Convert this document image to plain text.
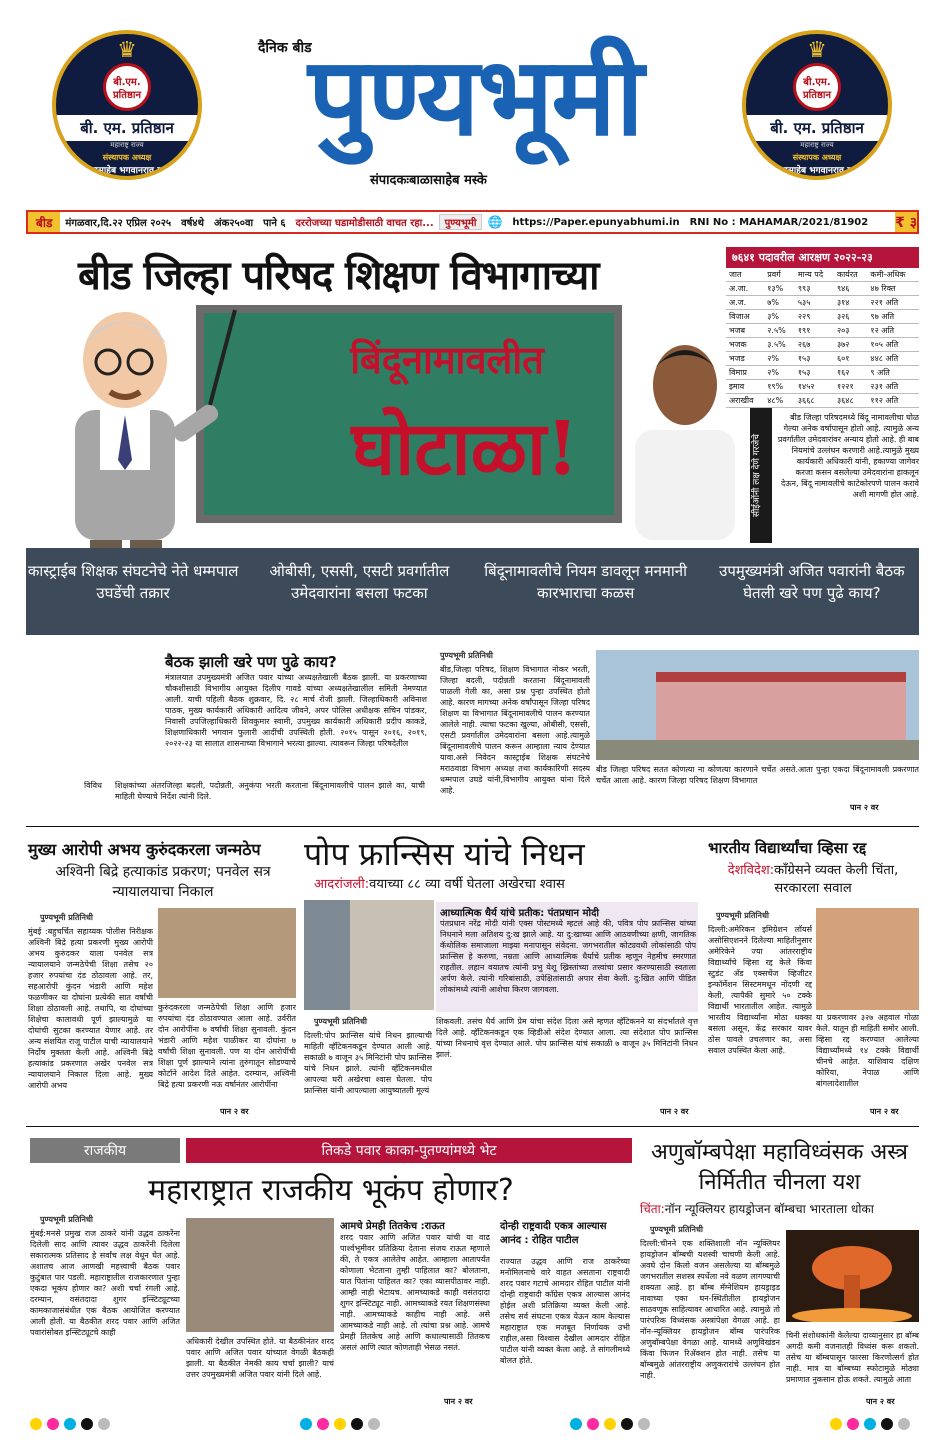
♛
बी.एम. प्रतिष्ठान
बी. एम. प्रतिष्ठान
महाराष्ट्र राज्य
संस्थापक अध्यक्ष
बाळासाहेब भगवानराव मस्के
♛
बी.एम. प्रतिष्ठान
बी. एम. प्रतिष्ठान
महाराष्ट्र राज्य
संस्थापक अध्यक्ष
बाळासाहेब भगवानराव मस्के
पुण्यभूमी
दैनिक बीड
संपादकःबाळासाहेब मस्के
बीड	मंगळवार,दि.२२ एप्रिल २०२५	वर्ष४थे	अंक२५०वा	पाने ६	दररोजच्या घडामोडीसाठी वाचत रहा...	पुण्यभूमी 🌐	https://Paper.epunyabhumi.in	RNI No : MAHAMAR/2021/81902	₹ ३
बीड जिल्हा परिषद शिक्षण विभागाच्या
बिंदूनामावलीत
घोटाळा!
७६४१ पदावरील आरक्षण २०२२-२३
जात	प्रवर्ग	मान्य पदे	कार्यरत	कमी-अधिक
अ.जा.	१३%	९९३	९४६	४७ रिक्त
अ.ज.	७%	५३५	३१४	२२१ अति
विजाअ	३%	२२९	३२६	९७ अति
भजब	२.५%	१९१	२०३	१२ अति
भजक	३.५%	२६७	३७२	१०५ अति
भजड	२%	१५३	६०१	४४८ अति
विमाप्र	२%	१५३	१६२	९ अति
इमाव	१९%	१४५२	१२२१	२३१ अति
अराखीव	४८%	३६६८	३६४८	११२ अति
सीईओंनी लक्ष देणे गरजेचे
बीड जिल्हा परिषदमध्ये बिंदू नामावलीचा घोळ गेल्या अनेक वर्षापासून होतो आहे. त्यामुळे अन्य प्रवर्गातील उमेदवारांवर अन्याय होतो आहे. ही बाब नियमांचे उल्लंघन करणारी आहे.त्यामुळे मुख्य कार्यकारी अधिकारी यांनी, हकाण्या जागेवर करजा कसन बसलेल्या उमेदवारांना हाकलून देऊन, बिंदू नामावलीचे काटेकोरपणे पालन करावे अशी मागणी होत आहे.
कास्ट्राईब शिक्षक संघटनेचे नेते धम्मपाल उघडेंची तक्रार
ओबीसी, एससी, एसटी प्रवर्गातील उमेदवारांना बसला फटका
बिंदूनामावलीचे नियम डावलून मनमानी कारभाराचा कळस
उपमुख्यमंत्री अजित पवारांनी बैठक घेतली खरे पण पुढे काय?
बैठक झाली खरे पण पुढे काय?
मंत्रालयात उपमुख्यमंत्री अजित पवार यांच्या अध्यक्षतेखाली बैठक झाली. या प्रकरणाच्या चौकशीसाठी विभागीय आयुक्त दिलीप गावडे यांच्या अध्यक्षतेखालील समिती नेमण्यात आली. याची पहिली बैठक शुक्रवार, दि. २८ मार्च रोजी झाली. जिल्हाधिकारी अविनाश पाठक, मुख्य कार्यकारी अधिकारी आदित्य जीवने, अपर पोलिस अधीक्षक सचिन पांडकर, निवासी उपजिल्हाधिकारी शिवकुमार स्वामी, उपमुख्य कार्यकारी अधिकारी प्रदीप काकडे, शिक्षणाधिकारी भगवान फुलारी आदींची उपस्थिती होती. २०१५ पासून २०१६, २०१९, २०२२-२३ या सालात शासनाच्या विभागाने भरत्या झाल्या. त्यावरून जिल्हा परिषदेतील
विविध शिक्षकांच्या अंतरजिल्हा बदली, पदोन्नती, अनुकंपा भरती करताना बिंदूनामावलीचे पालन झाले का, याची माहिती घेण्याचे निर्देश त्यांनी दिले.
पुण्यभूमी प्रतिनिधी
बीड,जिल्हा परिषद, शिक्षण विभागात नोकर भरती, जिल्हा बदली, पदोन्नती करताना बिंदूनामावली पाळली गेली का, असा प्रश्न पुन्हा उपस्थित होतो आहे. कारण मागच्या अनेक वर्षांपासून जिल्हा परिषद शिक्षण या विभागात बिंदूनामावलीचे पालन करण्यात आलेले नाही. त्याचा फटका खुल्या, ओबीसी, एससी, एसटी प्रवर्गातील उमेदवारांना बसला आहे.त्यामुळे बिंदूनामावलीचे पालन करून आम्हाला न्याय देण्यात यावा.असे निवेदन कास्ट्राईब शिक्षक संघटनेचे मराठवाडा विभाग अध्यक्ष तथा कार्यकारिणी सदस्य धम्मपाल उघडे यांनी,विभागीय आयुक्त यांना दिले आहे.
बीड जिल्हा परिषद सतत कोणत्या ना कोणत्या कारणाने चर्चेत असते.आता पुन्हा एकदा बिंदूनामावली प्रकरणात चर्चेत आला आहे. कारण जिल्हा परिषद शिक्षण विभागात
पान २ वर
मुख्य आरोपी अभय कुरुंदकरला जन्मठेप
अश्विनी बिद्रे हत्याकांड प्रकरण; पनवेल सत्र न्यायालयाचा निकाल
पुण्यभूमी प्रतिनिधी
मुंबई :बहुचर्चित सहाय्यक पोलीस निरीक्षक अश्विनी बिद्रे हत्या प्रकरणी मुख्य आरोपी अभय कुरुंदकर याला पनवेल सत्र न्यायालयाने जन्मठेपेची शिक्षा तसेच २० हजार रुपयांचा दंड ठोठावला आहे. तर, सहआरोपी कुंदन भंडारी आणि महेश फळणीकर या दोघांना प्रत्येकी सात वर्षांची शिक्षा ठोठावली आहे. तथापि, या दोघांच्या शिक्षेचा कालावधी पूर्ण झाल्यामुळे या दोघांची सुटका करण्यात येणार आहे. तर अन्य संशयित राजू पाटील याची न्यायालयाने निर्दोष मुक्तता केली आहे. अश्विनी बिद्रे हत्याकांड प्रकरणात अखेर पनवेल सत्र न्यायालयाने निकाल दिला आहे. मुख्य आरोपी अभय
कुरुंदकरला जन्मठेपेची शिक्षा आणि हजार रुपयांचा दंड ठोठावण्यात आला आहे. उर्वरीत दोन आरोपींना ७ वर्षांची शिक्षा सुनावली. कुंदन भंडारी आणि महेश पाळीकर या दोघांना ७ वर्षांची शिक्षा सुनावली. पण या दोन आरोपींची शिक्षा पूर्ण झाल्याने त्यांना तुरुंगातून सोडण्याचे कोर्टाने आदेश दिले आहेत. दरम्यान, अश्विनी बिद्रे हत्या प्रकरणी नऊ वर्षानंतर आरोपींना
पान २ वर
पोप फ्रान्सिस यांचे निधन
आदरांजली:वयाच्या ८८ व्या वर्षी घेतला अखेरचा श्वास
पुण्यभूमी प्रतिनिधी
दिल्ली:पोप फ्रान्सिस यांचे निधन झाल्याची माहिती व्हॅटिकनकडून देण्यात आली आहे. सकाळी ७ वाजून ३५ मिनिटांनी पोप फ्रान्सिस यांचे निधन झाले. त्यांनी व्हॅटिकनमधील आपल्या घरी अखेरचा श्वास घेतला. पोप फ्रान्सिस यांनी आपल्याला आयुष्यातली मूल्यं
आध्यात्मिक धैर्य यांचे प्रतीक: पंतप्रधान मोदी
पंतप्रधान नरेंद्र मोदी यांनी एक्स पोस्टमध्ये म्हटलं आहे की, पवित्र पोप फ्रान्सिस यांच्या निधनाने मला अतिशय दु:ख झाले आहे. या दु:खाच्या आणि आठवणीच्या क्षणी, जागतिक कॅथोलिक समाजाला माझ्या मनापासून संवेदना. जगभरातील कोट्यवधी लोकांसाठी पोप फ्रान्सिस हे करुणा, नम्रता आणि आध्यात्मिक धैर्याचे प्रतीक म्हणून नेहमीच स्मरणात राहतील. लहान वयातच त्यांनी प्रभु येशू ख्रिस्तांच्या तत्त्वांचा प्रसार करण्यासाठी स्वतःला अर्पण केले. त्यांनी गरिबांसाठी, उपेक्षितांसाठी अपार सेवा केली. दु:खित आणि पीडित लोकांमध्ये त्यांनी आशेचा किरण जागवला.
शिकवली. तसंच धैर्य आणि प्रेम यांचा संदेश दिला असे म्हणत व्हॅटिकनने या संदर्भातले वृत्त दिले आहे. व्हॅटिकनकडून एक व्हिडीओ संदेश देण्यात आला. त्या संदेशात पोप फ्रान्सिस यांच्या निधनाचे वृत्त देण्यात आले. पोप फ्रान्सिस यांचं सकाळी ७ वाजून ३५ मिनिटांनी निधन झालं.
पान २ वर
भारतीय विद्यार्थ्यांचा व्हिसा रद्द
देशविदेश:काँग्रेसने व्यक्त केली चिंता, सरकारला सवाल
पुण्यभूमी प्रतिनिधी
दिल्ली:अमेरिकन इमिग्रेशन लॉयर्स असोसिएशनने दिलेल्या माहितीनुसार अमेरिकेने ज्या आंतरराष्ट्रीय विद्यार्थ्यांचे व्हिसा रद्द केले किंवा स्टुडंट अँड एक्सचेंज व्हिजीटर इन्फॉर्मेशन सिस्टममधून नोंदणी रद्द केली, त्यापैकी सुमारे ५० टक्के विद्यार्थी भारतातील आहेत. त्यामुळे भारतीय विद्यार्थ्यांना मोठा धक्का बसला असून, केंद्र सरकार यावर ठोस पावले उचलणार का, असा सवाल उपस्थित केला आहे.
या प्रकरणावर ३२७ अहवाल गोळा केले. यातून ही माहिती समोर आली. व्हिसा रद्द करण्यात आलेल्या विद्यार्थ्यांमध्ये १४ टक्के विद्यार्थी चीनचे आहेत. याशिवाय दक्षिण कोरिया, नेपाळ आणि बांगलादेशातील
पान २ वर
राजकीय	तिकडे पवार काका-पुतण्यांमध्ये भेट
महाराष्ट्रात राजकीय भूकंप होणार?
पुण्यभूमी प्रतिनिधी
मुंबई:मनसे प्रमुख राज ठाकरे यांनी उद्धव ठाकरेंना दिलेली साद आणि त्यावर उद्धव ठाकरेंनी दिलेला सकारात्मक प्रतिसाद हे सर्वांच लक्ष वेधून घेत आहे. अशातच आज आणखी महत्त्वाची बैठक पवार कुटुंबात पार पडली. महाराष्ट्रातील राजकारणात पुन्हा एकदा भूकंप होणार का? अशी चर्चा रंगली आहे. दरम्यान, वसंतदादा शुगर इन्स्टिट्यूटच्या कामकाजासंबंधीत एक बैठक आयोजित करण्यात आली होती. या बैठकीत शरद पवार आणि अजित पवारांसोबत इन्स्टिट्यूटचे काही
अधिकारी देखील उपस्थित होते. या बैठकीनंतर शरद पवार आणि अजित पवार यांच्यात वेगळी बैठकही झाली. या बैठकीत नेमकी काय चर्चा झाली? याचं उत्तर उपमुख्यमंत्री अजित पवार यांनी दिले आहे.
आमचे प्रेमही तितकेच :राऊत
शरद पवार आणि अजित पवार यांची या वाढ पार्श्वभूमीवर प्रतिक्रिया देताना संजय राऊत म्हणाले की, ते एकत्र आलेतेच आहेत. आम्हाला आतापर्यंत कोणाला भेटताना तुम्ही पाहिलात का? बोलताना, यात पितांना पाहिलत का? एका व्यासपीठावर नाही. आम्ही नाही भेटायच. आमच्याकडे काही वसंतदादा शुगर इन्स्टिट्यूट नाही. आमच्याकडे रयत शिक्षणसंस्था नाही. आमच्याकडे काहीच नाही आहे. असे आमच्याकडे नाही आहे. तो त्यांचा प्रश्न आहे. आमचे प्रेमही तितकेच आहे आणि कधाल्यासाठी तितकच असलं आणि त्यात कोणताही भेसळ नसतं.
पान २ वर
दोन्ही राष्ट्रवादी एकत्र आल्यास आनंद : रोहित पाटील
राज्यात उद्धव आणि राज ठाकरेंच्या मनोमिलनाचे वारे वाहत असताना राष्ट्रवादी शरद पवार गटाचे आमदार रोहित पाटील यांनी दोन्ही राष्ट्रवादी कॉंग्रेस एकत्र आल्यास आनंद होईल अशी प्रतिक्रिया व्यक्त केली आहे. तसेच सर्व संघटना एकत्र येऊन काम केल्यास महाराष्ट्रात एक मजबूत निर्णायक उभी राहील,असा विश्वास देखील आमदार रोहित पाटील यांनी व्यक्त केला आहे. ते सांगलीमध्ये बोलत होते.
अणुबॉम्बपेक्षा महाविध्वंसक अस्त्र निर्मितीत चीनला यश
चिंता:नॉन न्यूक्लियर हायड्रोजन बॉम्बचा भारताला धोका
पुण्यभूमी प्रतिनिधी
दिल्ली:चीनने एक शक्तिशाली नॉन न्यूक्लियर हायड्रोजन बॉम्बची यशस्वी चाचणी केली आहे. अवघे दोन किलो वजन असलेल्या या बॉम्बमुळे जगभरातील सशस्त्र स्पर्धेला नवे वळण लागण्याची शक्यता आहे. हा बॉम्ब मॅग्नेशियम हायड्राइड नावाच्या एका घन-स्थितीतील हायड्रोजन साठवणूक साहित्यावर आधारित आहे. त्यामुळे तो पारंपरिक विध्वंसक अस्त्रांपेक्षा वेगळा आहे. हा नॉन-न्यूक्लियर हायड्रोजन बॉम्ब पारंपरिक अणुबॉम्बपेक्षा वेगळा आहे. यामध्ये अणुविखंडन किंवा फिजन रिॲक्शन होत नाही. तसेच या बॉम्बमुळे आंतरराष्ट्रीय अणुकरारांचे उल्लंघन होत नाही.
चिनी संशोधकांनी केलेल्या दाव्यानुसार हा बॉम्ब अगदी कमी वजनातही विध्वंस करू शकतो. तसेच या बॉम्बपासून फारसा किरणोत्सर्ग होत नाही. मात्र या बॉम्बच्या स्फोटामुळे मोठ्या प्रमाणात नुकसान होऊ शकते. त्यामुळे आता
पान २ वर
